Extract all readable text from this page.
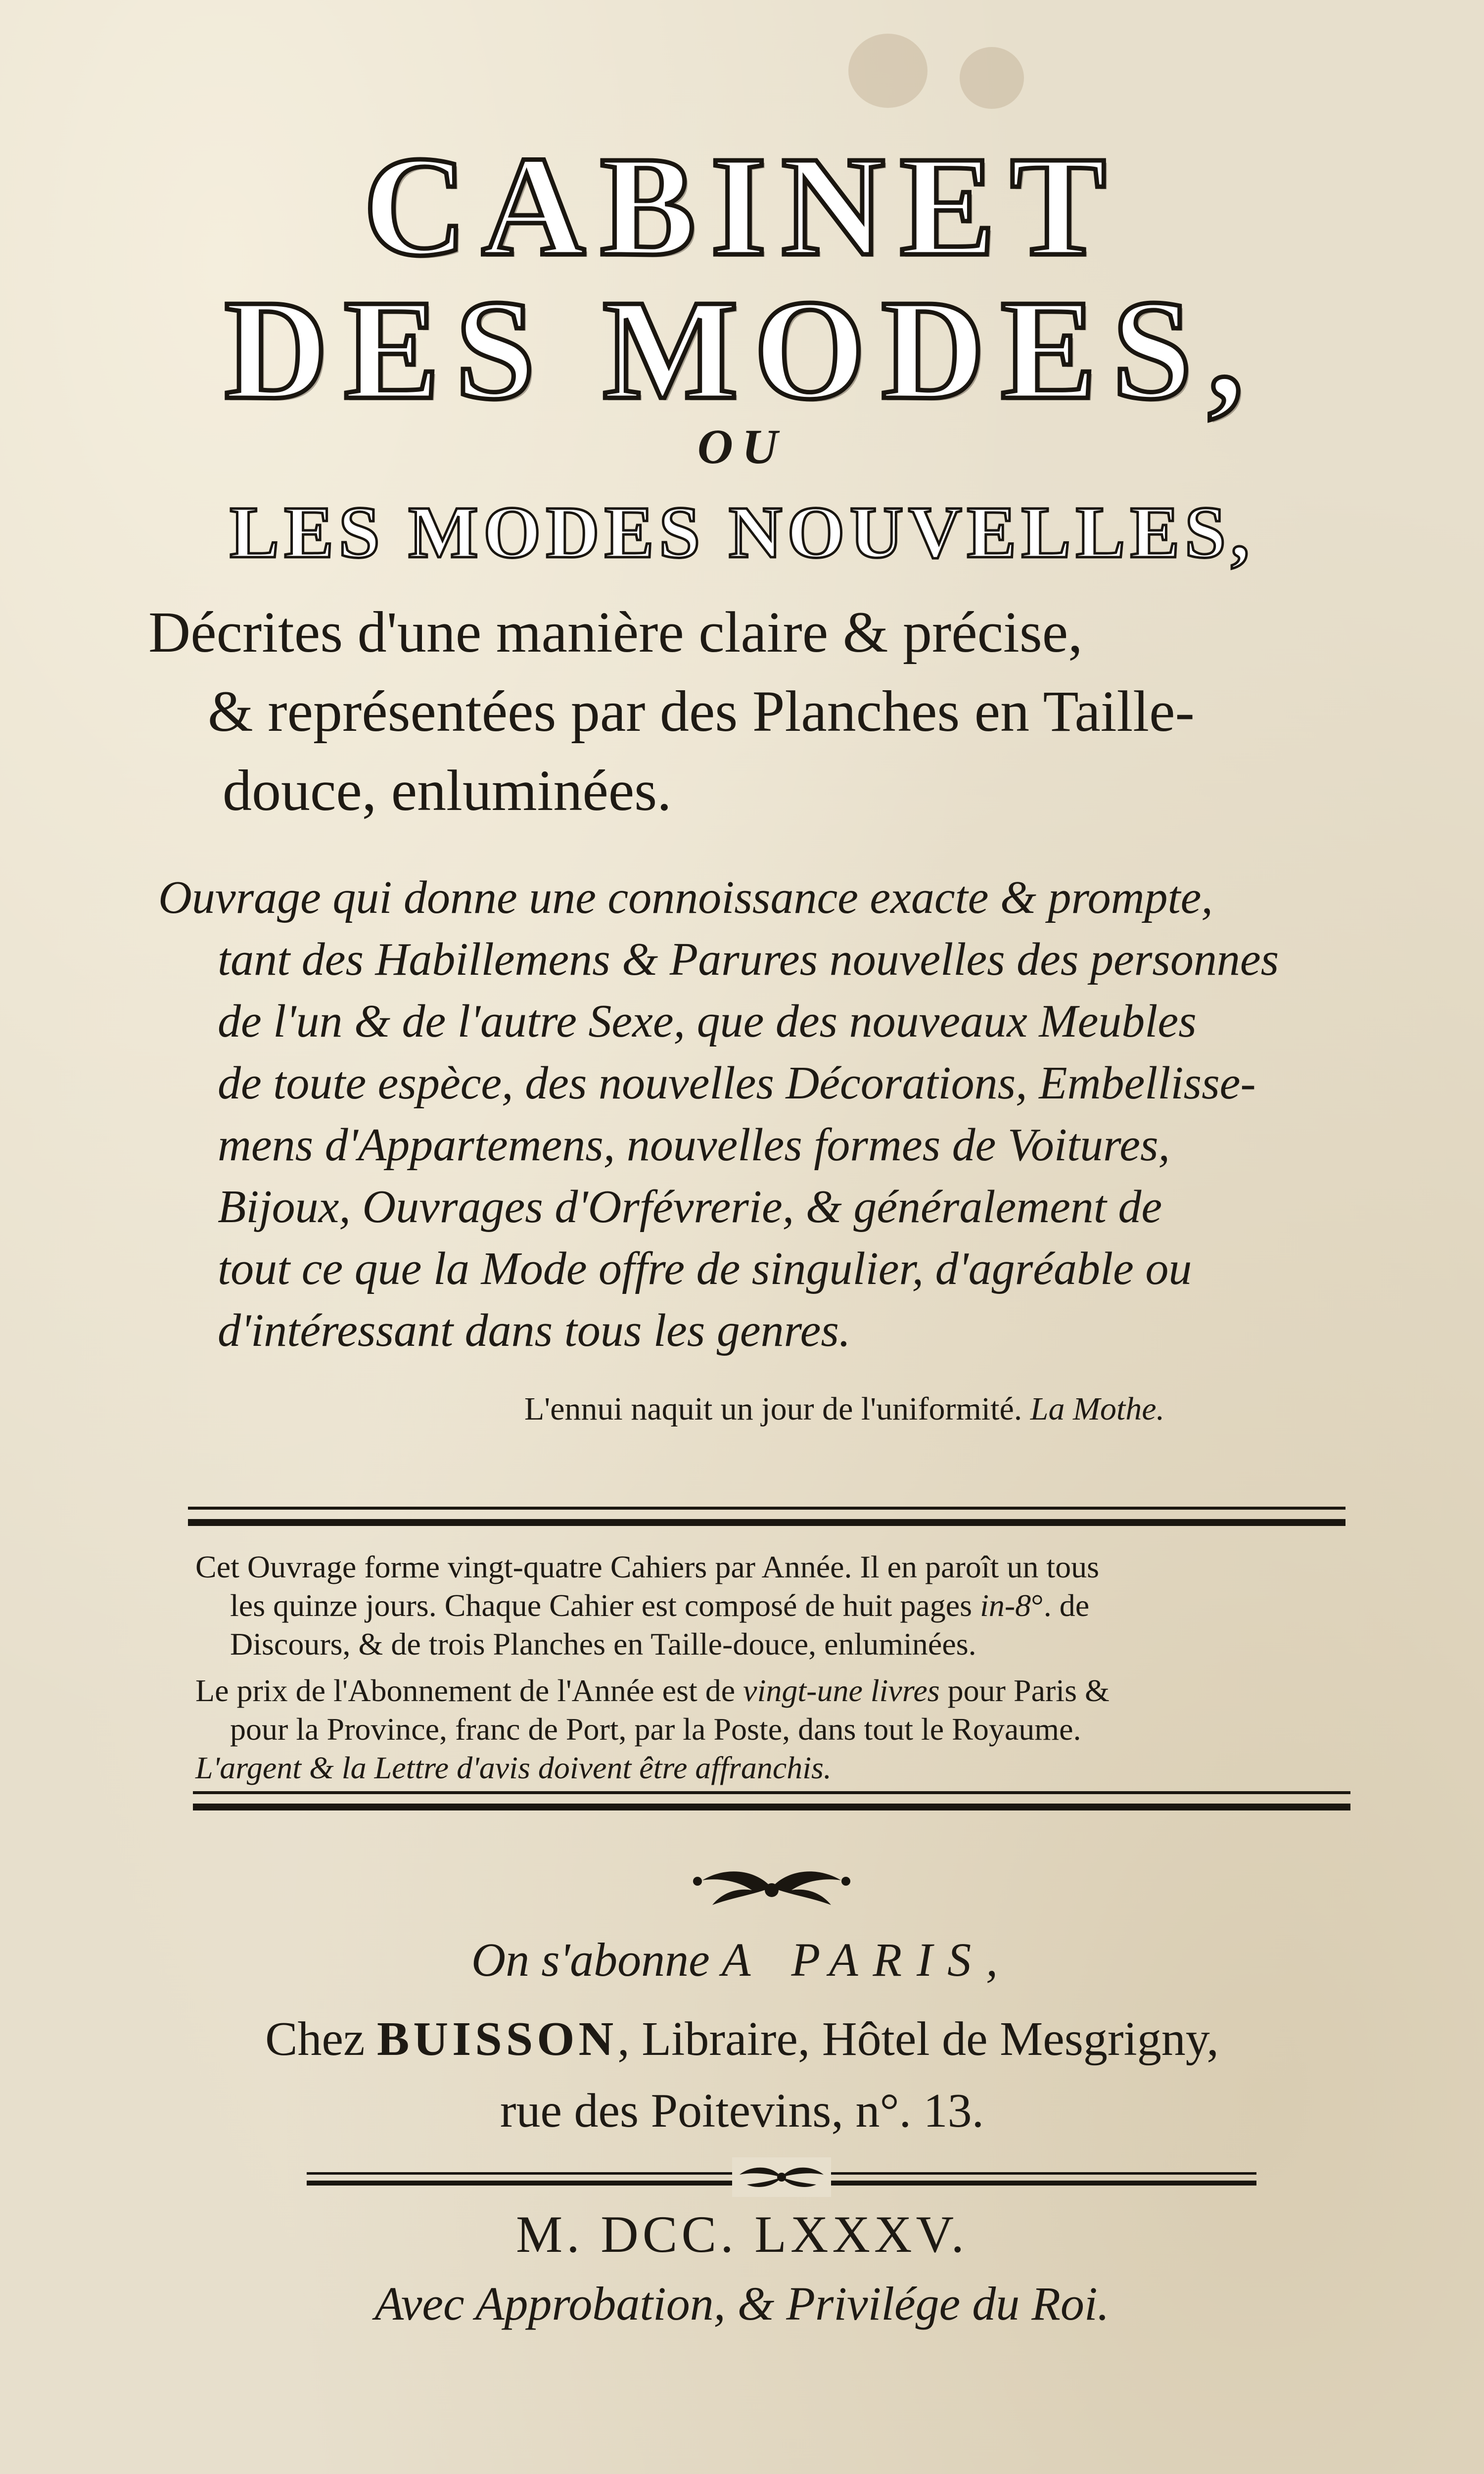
CABINET
DES MODES,
OU
LES MODES NOUVELLES,
Décrites d'une manière claire & précise,
& représentées par des Planches en Taille-
douce, enluminées.
Ouvrage qui donne une connoissance exacte & prompte,
tant des Habillemens & Parures nouvelles des personnes
de l'un & de l'autre Sexe, que des nouveaux Meubles
de toute espèce, des nouvelles Décorations, Embellisse-
mens d'Appartemens, nouvelles formes de Voitures,
Bijoux, Ouvrages d'Orfévrerie, & généralement de
tout ce que la Mode offre de singulier, d'agréable ou
d'intéressant dans tous les genres.
L'ennui naquit un jour de l'uniformité. La Mothe.
Cet Ouvrage forme vingt-quatre Cahiers par Année. Il en paroît un tous
les quinze jours. Chaque Cahier est composé de huit pages in-8°. de
Discours, & de trois Planches en Taille-douce, enluminées.
Le prix de l'Abonnement de l'Année est de vingt-une livres pour Paris &
pour la Province, franc de Port, par la Poste, dans tout le Royaume.
L'argent & la Lettre d'avis doivent être affranchis.
On s'abonne A PARIS,
Chez BUISSON, Libraire, Hôtel de Mesgrigny,
rue des Poitevins, n°. 13.
M. DCC. LXXXV.
Avec Approbation, & Privilége du Roi.
